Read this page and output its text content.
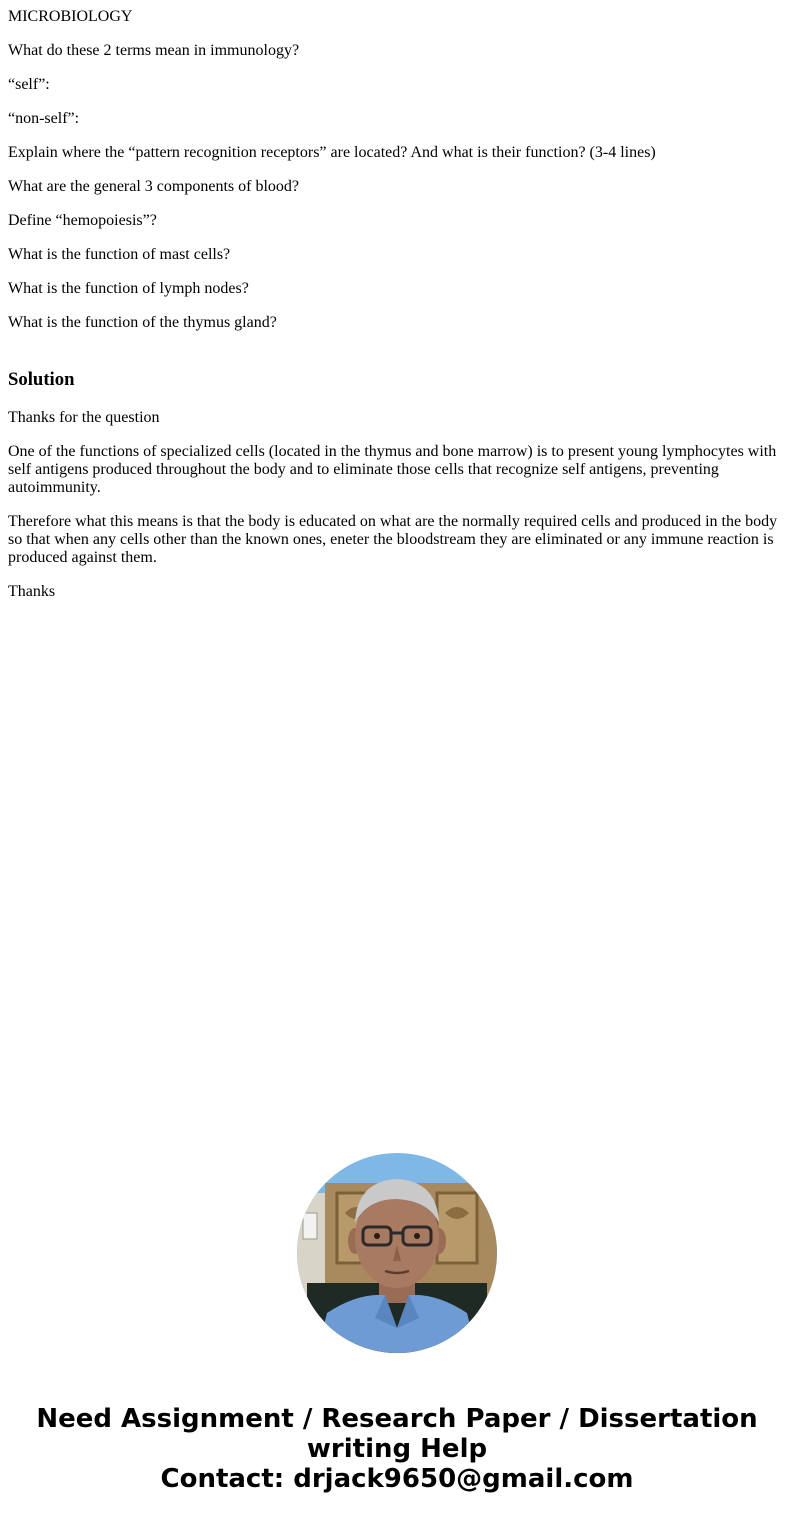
MICROBIOLOGY

What do these 2 terms mean in immunology?

“self”:

“non-self”:

Explain where the “pattern recognition receptors” are located? And what is their function? (3-4 lines)

What are the general 3 components of blood?

Define “hemopoiesis”?

What is the function of mast cells?

What is the function of lymph nodes?

What is the function of the thymus gland?

Solution

Thanks for the question

One of the functions of specialized cells (located in the thymus and bone marrow) is to present young lymphocytes with self antigens produced throughout the body and to eliminate those cells that recognize self antigens, preventing autoimmunity.

Therefore what this means is that the body is educated on what are the normally required cells and produced in the body so that when any cells other than the known ones, eneter the bloodstream they are eliminated or any immune reaction is produced against them.

Thanks

Need Assignment / Research Paper / Dissertation
writing Help
Contact: drjack9650@gmail.com
